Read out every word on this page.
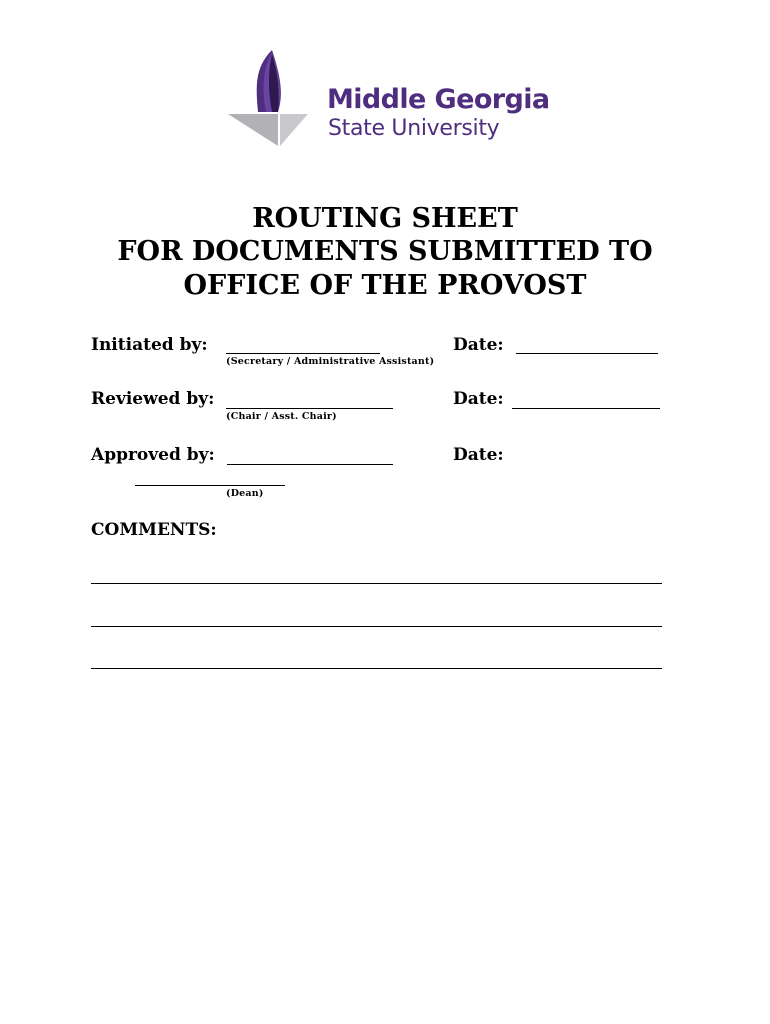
Middle Georgia
State University
ROUTING SHEET
FOR DOCUMENTS SUBMITTED TO
OFFICE OF THE PROVOST
Initiated by:
(Secretary / Administrative Assistant)
Date:
Reviewed by:
(Chair / Asst. Chair)
Date:
Approved by:
(Dean)
Date:
COMMENTS:
